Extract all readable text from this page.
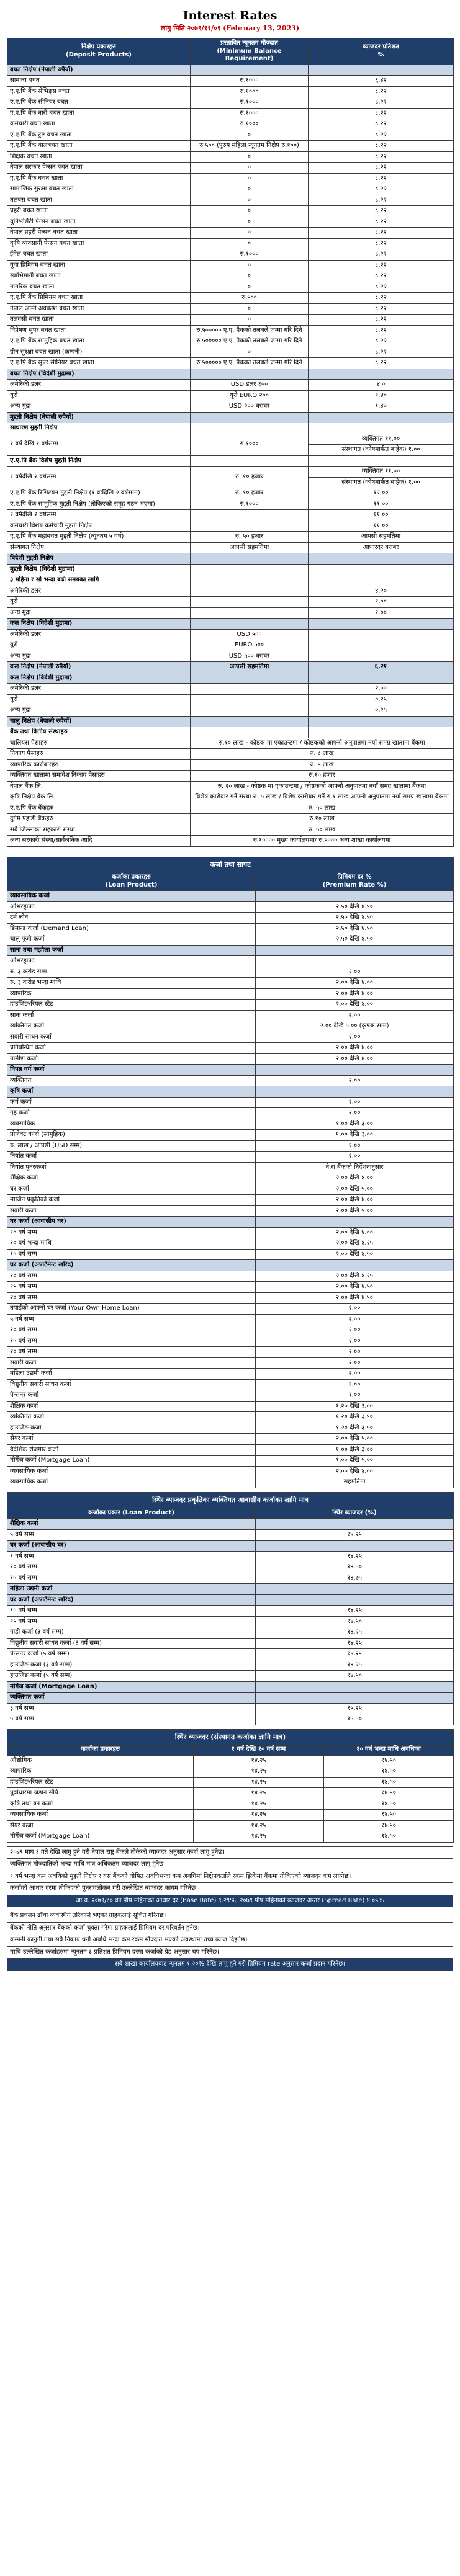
Interest Rates
लागु मिति २०७९/११/०१ (February 13, 2023)
निक्षेप प्रकारहरु
(Deposit Products)	प्रस्तावित न्यूनतम मौज्दात
(Minimum Balance Requirement)	ब्याजदर प्रतिशत
%
बचत निक्षेप (नेपाली रुपैयाँ)		
सामान्य बचत	रु.१०००	६.४२
ए.ए.पि बैंक सेभिङ्स बचत	रु.१०००	८.२२
ए.ए.पि बैंक सीनियर बचत	रु.१०००	८.२२
ए.ए.पि बैंक नारी बचत खाता	रु.१०००	८.२२
कर्मचारी बचत खाता	रु.१०००	८.२२
ए.ए.पि बैंक ट्रष्ट बचत खाता	०	८.२२
ए.ए.पि बैंक बालबचत खाता	रु.५०० (पुरुष महिला न्यूनतम निक्षेप रु.१००)	८.२२
शिक्षक बचत खाता	०	८.२२
नेपाल सरकार पेन्सन बचत खाता	०	८.२२
ए.ए.पि बैंक बचत खाता	०	८.२२
सामाजिक सुरक्षा बचत खाता	०	८.२२
तलवस बचत खाता	०	८.२२
प्रहरी बचत खाता	०	८.२२
युनिभर्सिटी पेन्सन बचत खाता	०	८.२२
नेपाल प्रहरी पेन्सन बचत खाता	०	८.२२
कृषि व्यवसायी पेन्सन बचत खाता	०	८.२२
ईमेल बचत खाता	रु.१०००	८.२२
युवा प्रिमियम बचत खाता	०	८.२२
स्वाभिमानी बचत खाता	०	८.२२
नागरिक बचत खाता	०	८.२२
ए.ए.पि बैंक प्रिमियम बचत खाता	रु.५००	८.२२
नेपाल आर्मी अवकाश बचत खाता	०	८.२२
तलवसी बचत खाता	०	८.२२
विप्रेषण सुपर बचत खाता	रु.५००००० ए.ए. पैकको तलबले जम्मा गरि दिने	८.२२
ए.ए.पि बैंक सामुहिक बचत खाता	रु.५००००० ए.ए. पैकको तलबले जम्मा गरि दिने	८.२२
ग्रीन सुरक्षा बचत खाता (कम्पनी)	०	८.२२
ए.ए.पि बैंक सुपर सीनियर बचत खाता	रु.५००००० ए.ए. पैकको तलबले जम्मा गरि दिने	८.२२
बचत निक्षेप (विदेशी मुद्रामा)		
अमेरिकी डलर	USD डलर १००	४.०
यूरो	यूरो EURO २००	१.४०
अन्य मुद्रा	USD २०० बराबर	१.४०
मुद्दती निक्षेप (नेपाली रुपैयाँ)		
साधारण मुद्दती निक्षेप		
१ वर्ष देखि १ वर्षसम्म	रु.१०००	व्यक्तिगत ११.००
संस्थागत (कोषमार्फत बाहेक) १.००

ए.ए.पि बैंक विशेष मुद्दती निक्षेप		
१ वर्षदेखि २ वर्षसम्म	रु. १० हजार	व्यक्तिगत ११.००
संस्थागत (कोषमार्फत बाहेक) १.००

ए.ए.पि बैंक रिसिटयन मुद्दती निक्षेप (१ वर्षदेखि २ वर्षसम्म)	रु. १० हजार	१२.००
ए.ए.पि बैंक सामुहिक मुद्दती निक्षेप (तोकिएको समूह गठन भएमा)	रु.१०००	११.००
१ वर्षदेखि २ वर्षसम्म		११.००
कर्मचारी विशेष कर्मचारी मुद्दती निक्षेप		११.००
ए.ए.पि बैंक महाबचत मुद्दती निक्षेप (न्यूनतम ५ वर्ष)	रु. ५० हजार	आपसी सहमतिमा
संस्थागत निक्षेप	आपसी सहमतिमा	आधारदर बराबर
विदेशी मुद्दती निक्षेप		
मुद्दती निक्षेप (विदेशी मुद्रामा)		
३ महिना र सो भन्दा बढी समयका लागि		
अमेरिकी डलर		४.२०
यूरो		१.००
अन्य मुद्रा		१.००
कल निक्षेप (विदेशी मुद्रामा)		
अमेरिकी डलर	USD ५००	
यूरो	EURO ५००	
अन्य मुद्रा	USD ५०० बराबर	
कल निक्षेप (नेपाली रुपैयाँ)	आपसी सहमतिमा	६.२१
कल निक्षेप (विदेशी मुद्रामा)		
अमेरिकी डलर		२.००
यूरो		०.२५
अन्य मुद्रा		०.२५
चालु निक्षेप (नेपाली रुपैयाँ)		
बैंक तथा वित्तीय संस्थाहरु		
चालियस पैसाहरु	रु.१० लाख - कोष्ठक मा एकाउन्टमा / कोष्ठकको आफ्नो अनुपातमा नयाँ समग्र खातामा बैंकमा	
निकाय पैसाहरु	रु. ८ लाख	
व्यापारिक कारोबारहरु	रु. ५ लाख	
व्यक्तिगत खातामा समावेश निकाय पैसाहरु	रु.१० हजार	
नेपाल बैंक लि.	रु. २० लाख - कोष्ठक मा एकाउन्टमा / कोष्ठकको आफ्नो अनुपातमा नयाँ समग्र खातामा बैंकमा	
कृषि निक्षेप बैंक लि.	विशेष कारोबार गर्ने संस्था रु. ५ लाख / विशेष कारोबार गर्ने रु.१ लाख आफ्नो अनुपातमा नयाँ समग्र खातामा बैंकमा	
ए.ए.पि बैंक बैंकहरु	रु. ५० लाख	
दुर्गम पहाडी बैंकहरु	रु.१० लाख	
सबै जिल्लाका सहकारी संस्था	रु. ५० लाख	
अन्य सरकारी संस्था/सार्वजनिक आदि	रु.१०००० मुख्य कार्यालयमा/ रु.५००० अन्य शाखा कार्यालयमा	
कर्जा तथा सापट	
कर्जाका प्रकारहरु
(Loan Product)	प्रिमियम दर %
(Premium Rate %)
व्यावसायिक कर्जा	
ओभरड्राफ्ट	२.५० देखि ४.५०
टर्म लोन	२.५० देखि ४.५०
डिमान्ड कर्जा (Demand Loan)	२.५० देखि ४.५०
चालु पूंजी कर्जा	२.५० देखि ४.५०
साना तथा मझौला कर्जा	
ओभरड्राफ्ट	
रु. ३ करोड सम्म	२.००
रु. ३ करोड भन्दा माथि	२.०० देखि ४.००
व्यापारिक	२.०० देखि ४.००
हाउजिङ/रियल स्टेट	२.०० देखि ४.००
साना कर्जा	२.००
व्यक्तिगत कर्जा	२.०० देखि ५.०० (कृषक सम्म)
सवारी साधन कर्जा	२.००
प्रतिबन्धित कर्जा	२.०० देखि ४.००
ग्रामीण कर्जा	२.०० देखि ४.००
विपन्न वर्ग कर्जा	
व्यक्तिगत	२.००
कृषि कर्जा	
फर्म कर्जा	२.००
गृह कर्जा	२.००
व्यवसायिक	१.०० देखि ३.००
प्रोजेक्ट कर्जा (सामुहिक)	१.०० देखि ३.००
रु. लाख / आपसी (USD सम्म)	१.००
निर्यात कर्जा	२.००
निर्यात पुनरकर्जा	ने.रा.बैंकको निर्देशनानुसार
शैक्षिक कर्जा	२.०० देखि ४.००
घर कर्जा	२.०० देखि ५.००
मार्जिन प्रकृतिको कर्जा	२.०० देखि ४.००
सवारी कर्जा	२.०० देखि ५.००
घर कर्जा (आवासीय घर)	
१० वर्ष सम्म	२.०० देखि ४.००
१० वर्ष भन्दा माथि	२.०० देखि ४.२५
१५ वर्ष सम्म	२.०० देखि ४.५०
घर कर्जा (अपार्टमेन्ट खरिद)	
१० वर्ष सम्म	२.०० देखि ४.२५
१५ वर्ष सम्म	२.०० देखि ४.५०
२० वर्ष सम्म	२.०० देखि ४.५०
तपाईंको आफ्नो घर कर्जा (Your Own Home Loan)	२.००
५ वर्ष सम्म	२.००
१० वर्ष सम्म	२.००
१५ वर्ष सम्म	२.००
२० वर्ष सम्म	२.००
सवारी कर्जा	२.००
महिला उद्यमी कर्जा	२.००
विद्युतीय सवारी साधन कर्जा	१.००
पेन्सनर कर्जा	१.००
शैक्षिक कर्जा	१.२० देखि ३.००
व्यक्तिगत कर्जा	१.२० देखि ३.५०
हाउजिङ कर्जा	१.२० देखि ३.५०
सेयर कर्जा	२.०० देखि ५.००
वैदेशिक रोजगार कर्जा	१.०० देखि ३.००
मोर्गेज कर्जा (Mortgage Loan)	१.०० देखि ५.००
व्यवसायिक कर्जा	२.०० देखि ४.००
व्यवसायिक कर्जा	सहमतिमा
स्थिर ब्याजदर प्रकृतिका व्यक्तिगत आवासीय कर्जाका लागि मात्र	
कर्जाका प्रकार (Loan Product)	स्थिर ब्याजदर (%)
शैक्षिक कर्जा	
५ वर्ष सम्म	१४.२५
घर कर्जा (आवासीय घर)	
१ वर्ष सम्म	१४.२५
१० वर्ष सम्म	१४.५०
१५ वर्ष सम्म	१४.७५
महिला उद्यमी कर्जा	
घर कर्जा (अपार्टमेन्ट खरिद)	
१० वर्ष सम्म	१४.२५
१५ वर्ष सम्म	१४.५०
गाडी कर्जा (३ वर्ष सम्म)	१४.२५
विद्युतीय सवारी साधन कर्जा (३ वर्ष सम्म)	१४.२५
पेन्सनर कर्जा (५ वर्ष सम्म)	१४.२५
हाउजिङ कर्जा (३ वर्ष सम्म)	१४.२५
हाउजिङ कर्जा (५ वर्ष सम्म)	१४.५०
मोर्गेज कर्जा (Mortgage Loan)	
व्यक्तिगत कर्जा	
३ वर्ष सम्म	१५.२५
५ वर्ष सम्म	१५.५०
स्थिर ब्याजदर (संस्थागत कर्जाका लागि मात्र)		
कर्जाका प्रकारहरु	१ वर्ष देखि १० वर्ष सम्म	१० वर्ष भन्दा माथि अवधिका
औद्योगिक	१४.२५	१४.५०
व्यापारिक	१४.२५	१४.५०
हाउजिङ/रियल स्टेट	१४.२५	१४.५०
पूर्वाधारमा जडान सौर्य	१४.२५	१४.५०
कृषि तथा वन कर्जा	१४.२५	१४.५०
व्यवसायिक कर्जा	१४.२५	१४.५०
सेयर कर्जा	१४.२५	१४.५०
मोर्गेज कर्जा (Mortgage Loan)	१४.२५	१४.५०
२०७९ माघ १ गते देखि लागु हुने गरी नेपाल राष्ट्र बैंकले तोकेको व्याजदर अनुसार कर्जा लागु हुनेछ।
व्यक्तिगत मौज्दातिको भन्दा माथि मात्र अधिकतम ब्याजदर लागु हुनेछ।
१ वर्ष भन्दा कम अवधिको मुद्दती निक्षेप र यस बैंकको घोषित अवधिभन्दा कम अवधिमा निक्षेपकर्ताले रकम झिकेमा बैंकमा तोकिएको ब्याजदर कम लाग्नेछ।
कर्जाको आधार दरमा तोकिएको पुनरावलोकन गरी उल्लेखित ब्याजदर कायम गरिनेछ।
आ.व. २०७९/८० को पौष महिनाको आधार दर (Base Rate) ९.२९%, २०७९ पौष महिनाको ब्याजदर अन्तर (Spread Rate) ४.०५%
बैंक प्रचलन ढाँचा व्यवस्थित तरिकाले भएको ग्राहकलाई सूचित गरिनेछ।
बैंकको नीति अनुसार बैंकको कर्जा चुक्ता गरेमा ग्राहकलाई प्रिमियम दर परिवर्तन हुनेछ।
कम्पनी कानुनी तथा सबै निकाय धनी अवधि भन्दा कम रकम मौज्दात भएको अवस्थामा उच्च ब्याज दिइनेछ।
माथि उल्लेखित कर्जाहरुमा न्यूनतम ३ प्रतिशत प्रिमियम दरमा कर्जाको ग्रेड अनुसार थप गरिनेछ।
सबै शाखा कार्यालयबाट न्यूनतम १.२०% देखि लागु हुने गरी प्रिमियम rate अनुसार कर्जा प्रदान गरिनेछ।
